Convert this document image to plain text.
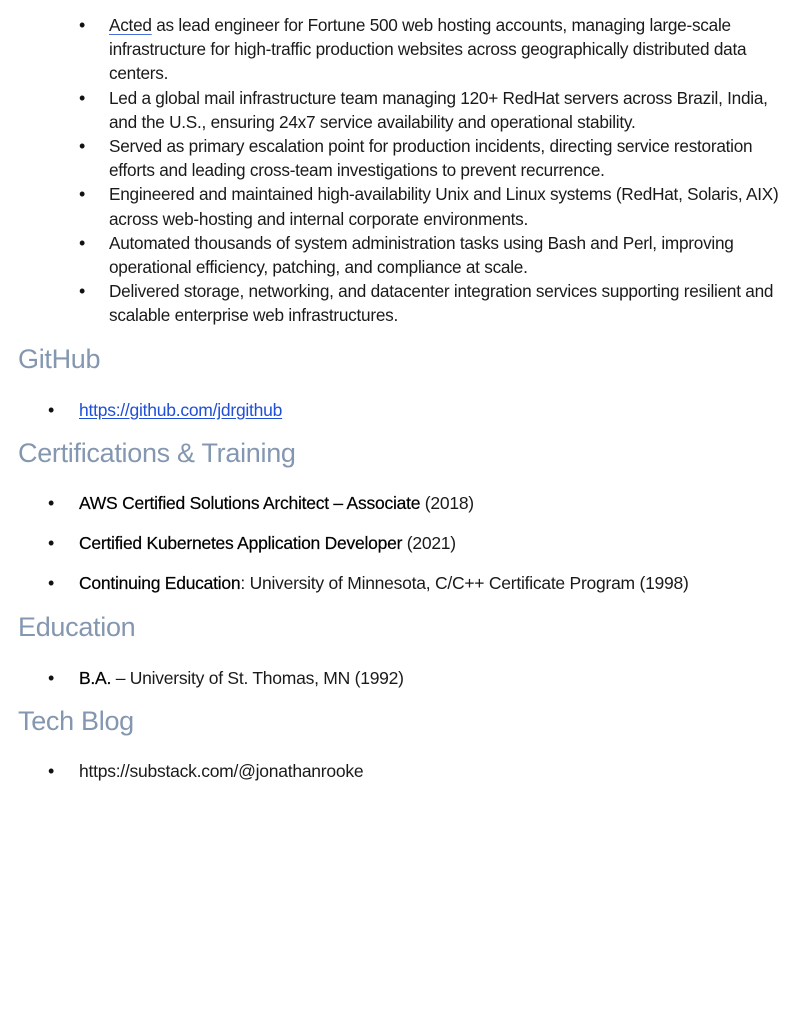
• Acted as lead engineer for Fortune 500 web hosting accounts, managing large-scale infrastructure for high-traffic production websites across geographically distributed data centers.
• Led a global mail infrastructure team managing 120+ RedHat servers across Brazil, India, and the U.S., ensuring 24x7 service availability and operational stability.
• Served as primary escalation point for production incidents, directing service restoration efforts and leading cross-team investigations to prevent recurrence.
• Engineered and maintained high-availability Unix and Linux systems (RedHat, Solaris, AIX) across web-hosting and internal corporate environments.
• Automated thousands of system administration tasks using Bash and Perl, improving operational efficiency, patching, and compliance at scale.
• Delivered storage, networking, and datacenter integration services supporting resilient and scalable enterprise web infrastructures.
GitHub
• https://github.com/jdrgithub
Certifications & Training
• AWS Certified Solutions Architect – Associate (2018)
• Certified Kubernetes Application Developer (2021)
• Continuing Education: University of Minnesota, C/C++ Certificate Program (1998)
Education
• B.A. – University of St. Thomas, MN (1992)
Tech Blog
• https://substack.com/@jonathanrooke
